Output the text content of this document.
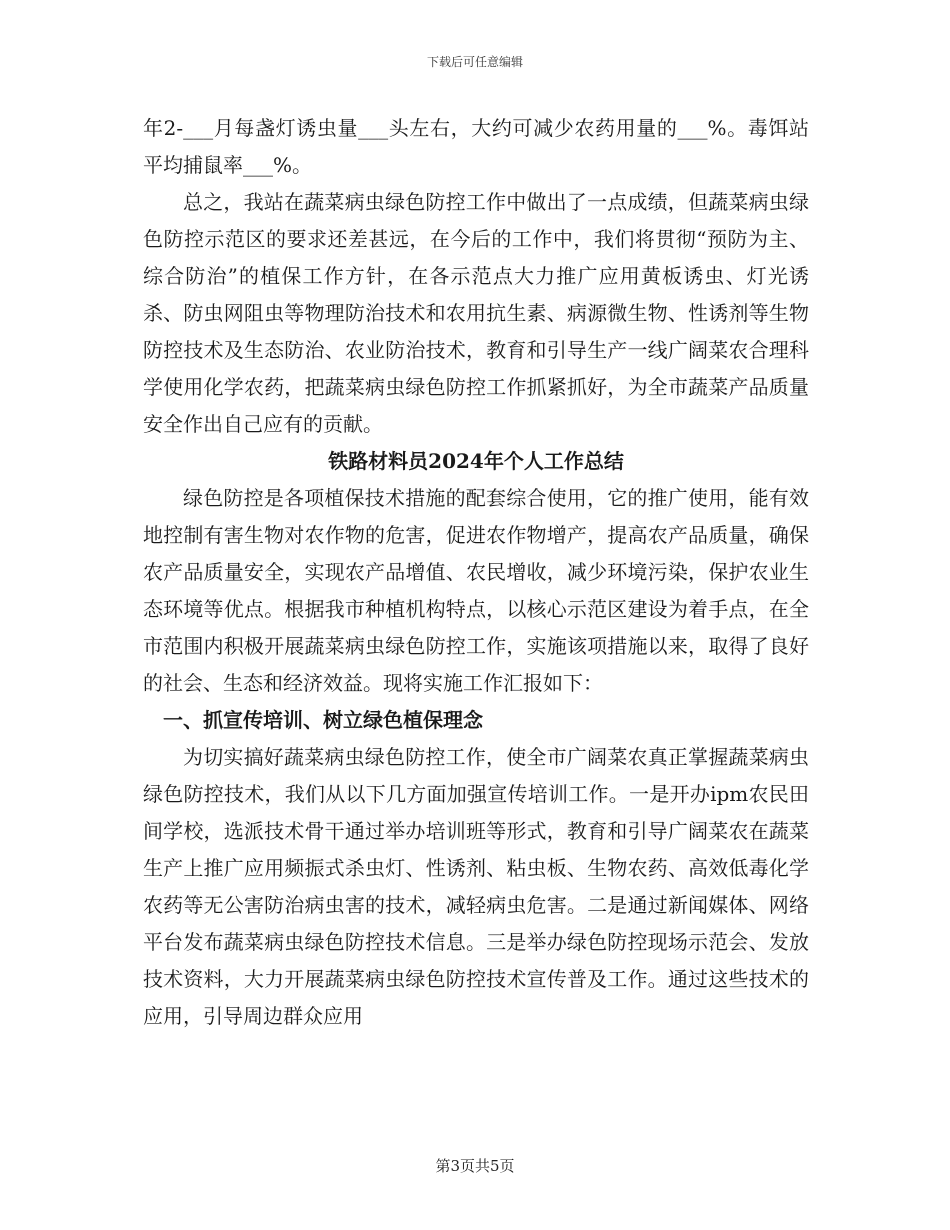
下载后可任意编辑

年2-___月每盏灯诱虫量___头左右，大约可减少农药用量的___%。毒饵站平均捕鼠率___%。

总之，我站在蔬菜病虫绿色防控工作中做出了一点成绩，但蔬菜病虫绿色防控示范区的要求还差甚远，在今后的工作中，我们将贯彻“预防为主、综合防治”的植保工作方针，在各示范点大力推广应用黄板诱虫、灯光诱杀、防虫网阻虫等物理防治技术和农用抗生素、病源微生物、性诱剂等生物防控技术及生态防治、农业防治技术，教育和引导生产一线广阔菜农合理科学使用化学农药，把蔬菜病虫绿色防控工作抓紧抓好，为全市蔬菜产品质量安全作出自己应有的贡献。

铁路材料员2024年个人工作总结

绿色防控是各项植保技术措施的配套综合使用，它的推广使用，能有效地控制有害生物对农作物的危害，促进农作物增产，提高农产品质量，确保农产品质量安全，实现农产品增值、农民增收，减少环境污染，保护农业生态环境等优点。根据我市种植机构特点，以核心示范区建设为着手点，在全市范围内积极开展蔬菜病虫绿色防控工作，实施该项措施以来，取得了良好的社会、生态和经济效益。现将实施工作汇报如下：

一、抓宣传培训、树立绿色植保理念

为切实搞好蔬菜病虫绿色防控工作，使全市广阔菜农真正掌握蔬菜病虫绿色防控技术，我们从以下几方面加强宣传培训工作。一是开办ipm农民田间学校，选派技术骨干通过举办培训班等形式，教育和引导广阔菜农在蔬菜生产上推广应用频振式杀虫灯、性诱剂、粘虫板、生物农药、高效低毒化学农药等无公害防治病虫害的技术，减轻病虫危害。二是通过新闻媒体、网络平台发布蔬菜病虫绿色防控技术信息。三是举办绿色防控现场示范会、发放技术资料，大力开展蔬菜病虫绿色防控技术宣传普及工作。通过这些技术的应用，引导周边群众应用

第3页共5页
